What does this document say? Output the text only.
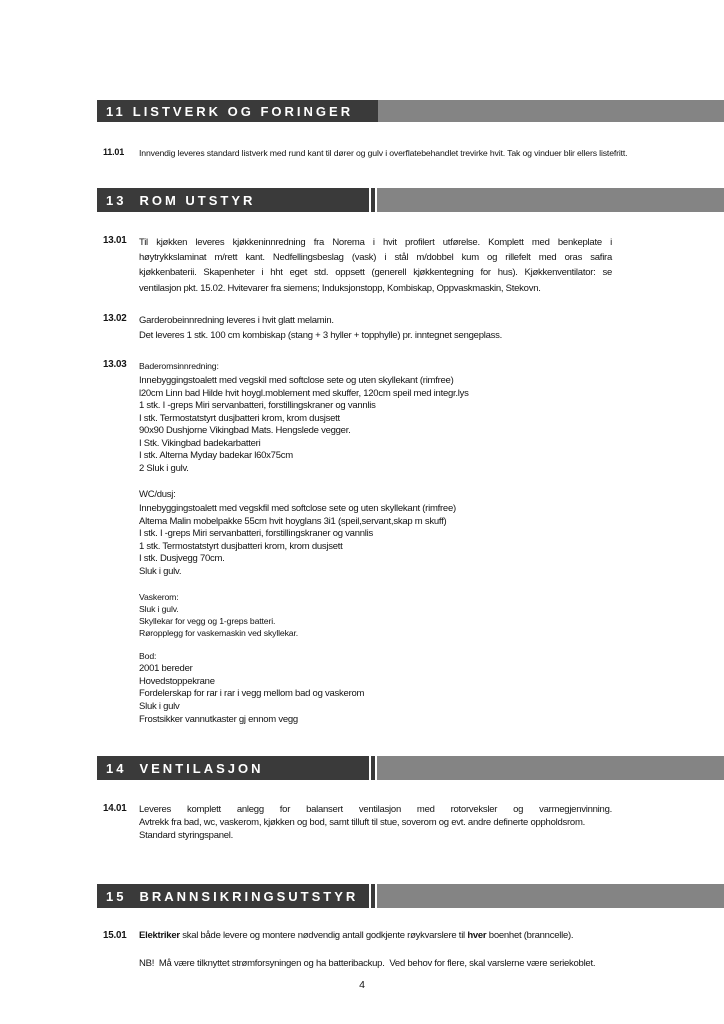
11 LISTVERK OG FORINGER
11.01 Innvendig leveres standard listverk med rund kant til dører og gulv i overflatebehandlet trevirke hvit. Tak og vinduer blir ellers listefritt.
13 ROM UTSTYR
13.01 Til kjøkken leveres kjøkkeninnredning fra Norema i hvit profilert utførelse. Komplett med benkeplate i
høytrykkslaminat m/rett kant. Nedfellingsbeslag (vask) i stål m/dobbel kum og rillefelt med oras safira
kjøkkenbaterii. Skapenheter i hht eget std. oppsett (generell kjøkkentegning for hus). Kjøkkenventilator: se
ventilasjon pkt. 15.02. Hvitevarer fra siemens; Induksjonstopp, Kombiskap, Oppvaskmaskin, Stekovn.
13.02 Garderobeinnredning leveres i hvit glatt melamin.
Det leveres 1 stk. 100 cm kombiskap (stang + 3 hyller + topphylle) pr. inntegnet sengeplass.
13.03 Baderomsinnredning:
Innebyggingstoalett med vegskil med softclose sete og uten skyllekant (rimfree)
l20cm Linn bad Hilde hvit hoygl.moblement med skuffer, 120cm speil med integr.lys
1 stk. I -greps Miri servanbatteri, forstillingskraner og vannlis
I stk. Termostatstyrt dusjbatteri krom, krom dusjsett
90x90 Dushjorne Vikingbad Mats. Hengslede vegger.
I Stk. Vikingbad badekarbatteri
I stk. Alterna Myday badekar l60x75cm
2 Sluk i gulv.
WC/dusj:
Innebyggingstoalett med vegskfil med softclose sete og uten skyllekant (rimfree)
Altema Malin mobelpakke 55cm hvit hoyglans 3i1 (speil,servant,skap m skuff)
I stk. I -greps Miri servanbatteri, forstillingskraner og vannlis
1 stk. Termostatstyrt dusjbatteri krom, krom dusjsett
I stk. Dusjvegg 70cm.
Sluk i gulv.
Vaskerom:
Sluk i gulv.
Skyllekar for vegg og 1-greps batteri.
Røropplegg for vaskemaskin ved skyllekar.
Bod:
2001 bereder
Hovedstoppekrane
Fordelerskap for rar i rar i vegg mellom bad og vaskerom
Sluk i gulv
Frostsikker vannutkaster gj ennom vegg
14 VENTILASJON
14.01 Leveres komplett anlegg for balansert ventilasjon med rotorveksler og varmegjenvinning.
Avtrekk fra bad, wc, vaskerom, kjøkken og bod, samt tilluft til stue, soverom og evt. andre definerte oppholdsrom.
Standard styringspanel.
15 BRANNSIKRINGSUTSTYR
15.01 Elektriker skal både levere og montere nødvendig antall godkjente røykvarslere til hver boenhet (branncelle).
NB!  Må være tilknyttet strømforsyningen og ha batteribackup.  Ved behov for flere, skal varslerne være seriekoblet.
4
